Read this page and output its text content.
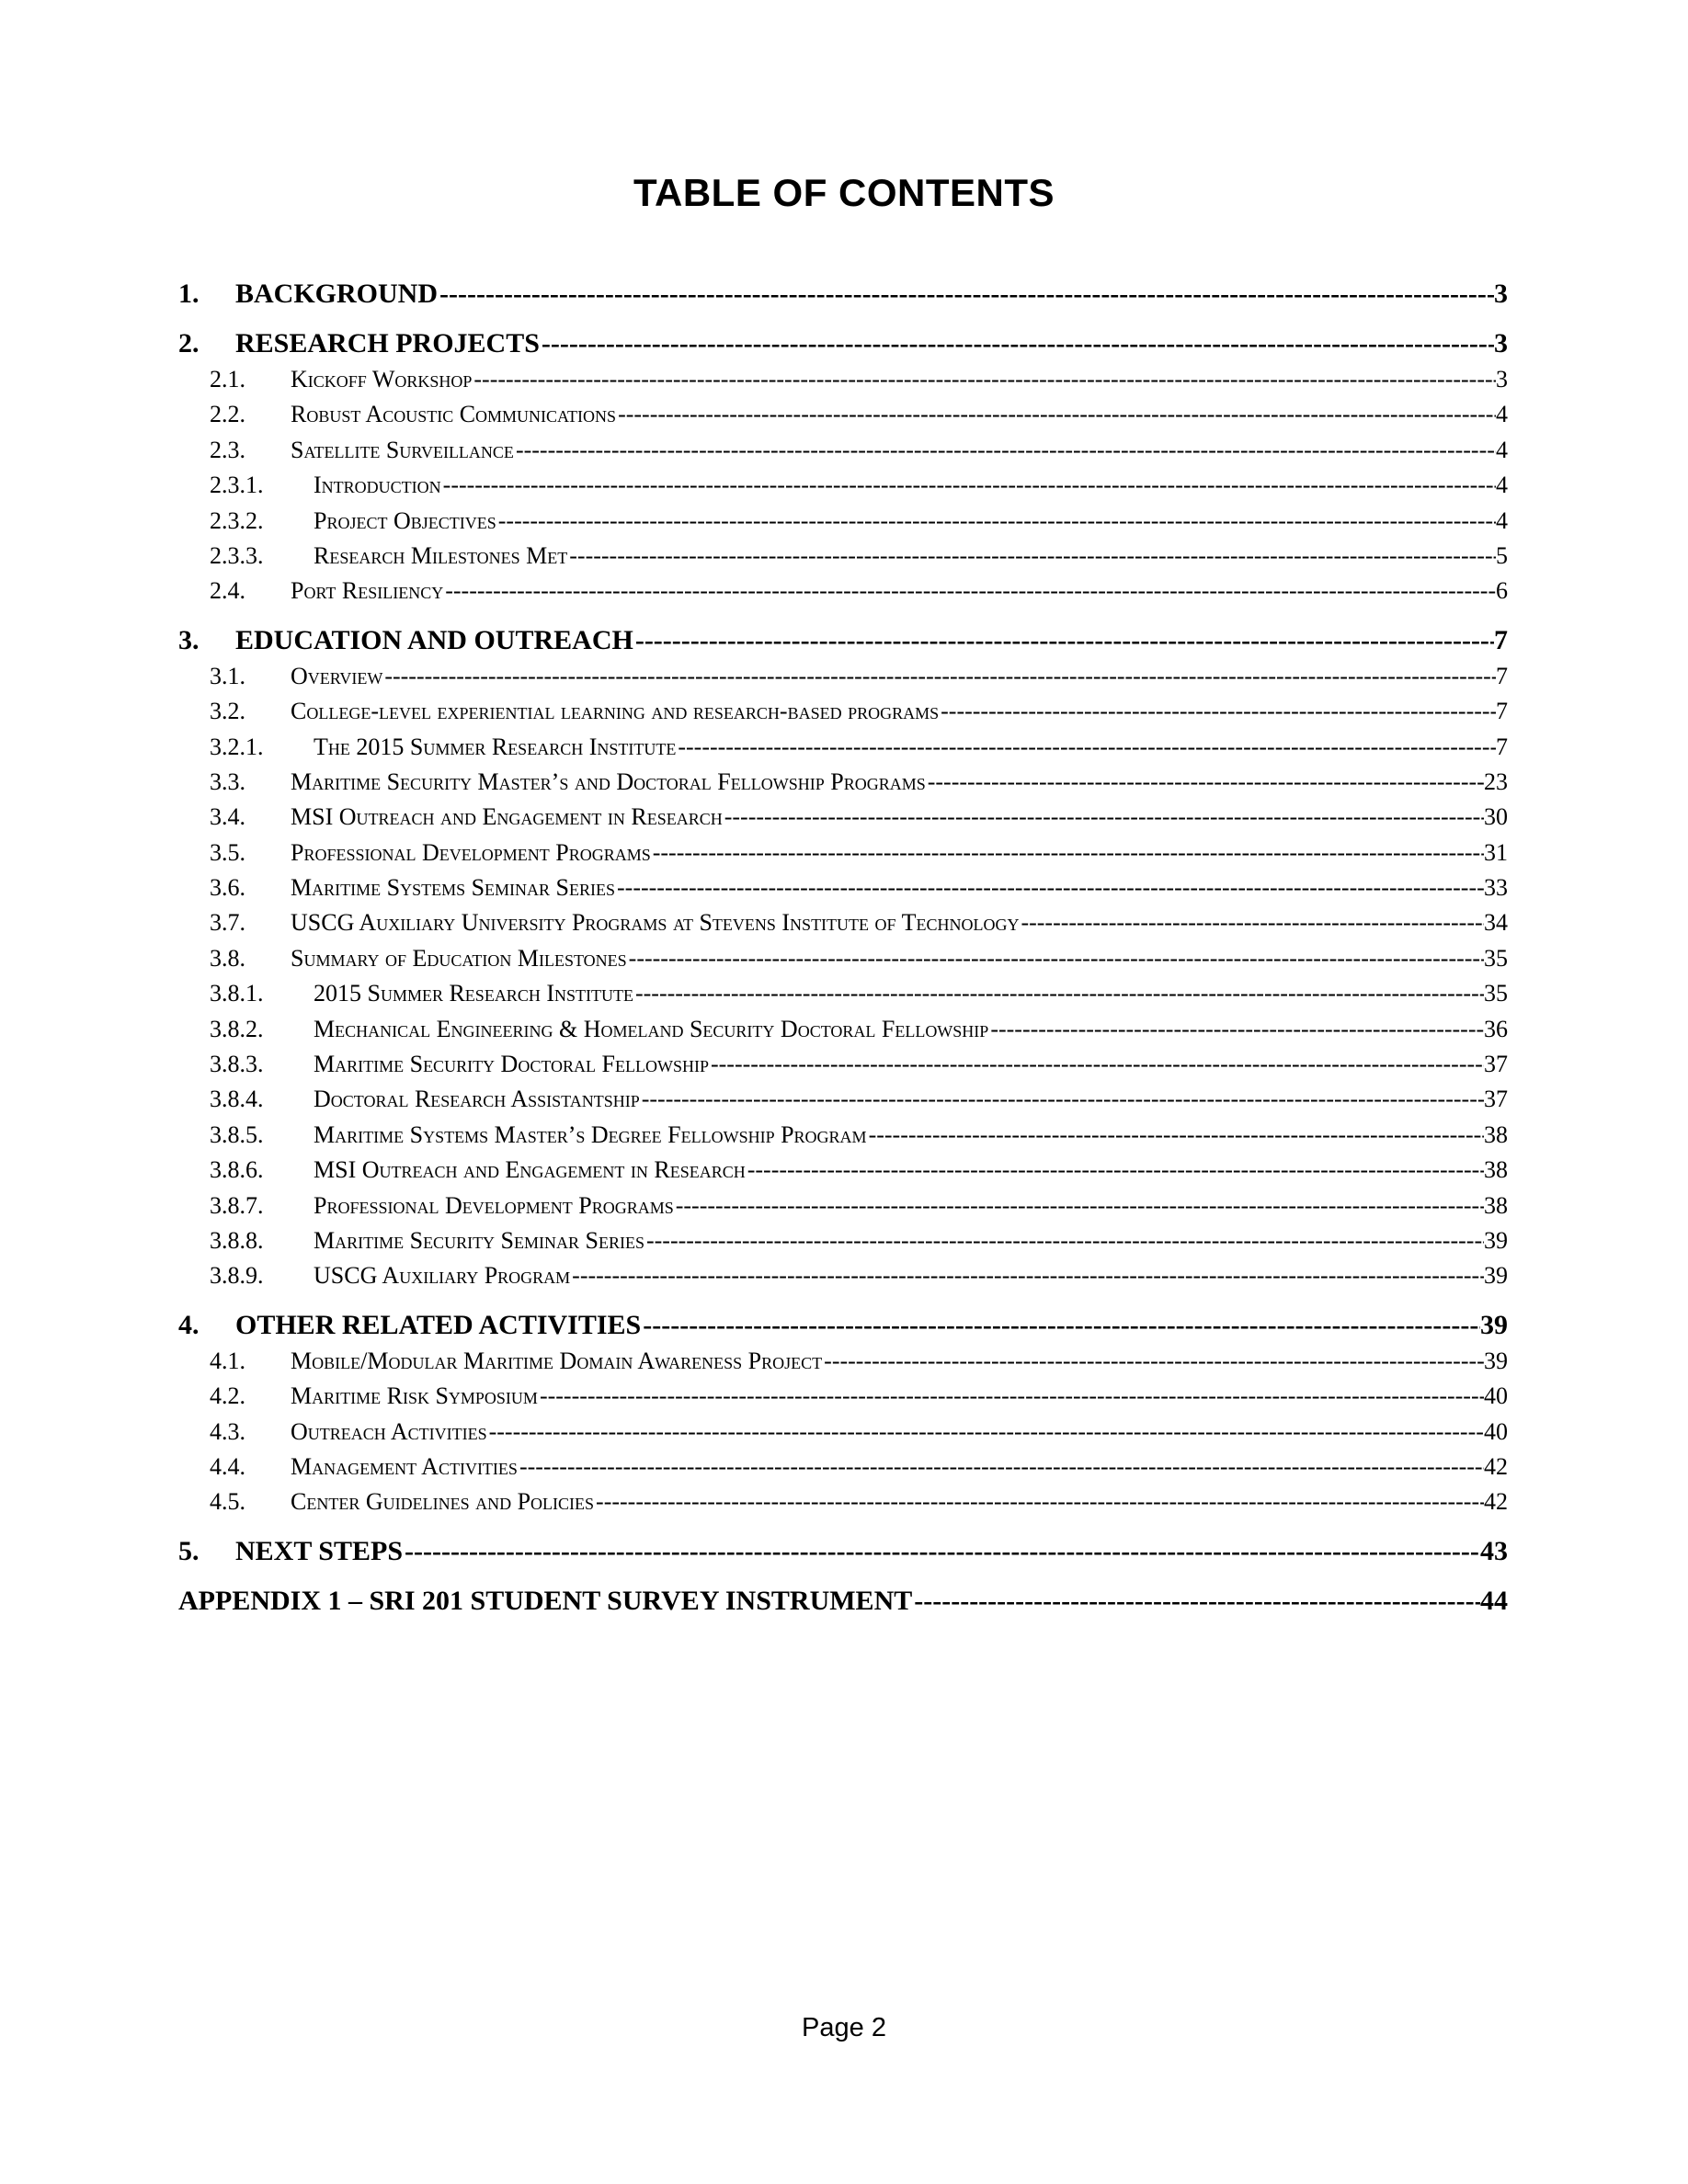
TABLE OF CONTENTS
1.	BACKGROUND -----	3
2.	RESEARCH PROJECTS -----	3
2.1.	Kickoff Workshop -----	3
2.2.	Robust Acoustic Communications -----	4
2.3.	Satellite Surveillance -----	4
2.3.1.	Introduction -----	4
2.3.2.	Project Objectives -----	4
2.3.3.	Research Milestones Met -----	5
2.4.	Port Resiliency -----	6
3.	EDUCATION AND OUTREACH -----	7
3.1.	Overview -----	7
3.2.	College-level experiential learning and research-based programs -----	7
3.2.1.	The 2015 Summer Research Institute -----	7
3.3.	Maritime Security Master’s and Doctoral Fellowship Programs -----	23
3.4.	MSI Outreach and Engagement in Research -----	30
3.5.	Professional Development Programs -----	31
3.6.	Maritime Systems Seminar Series -----	33
3.7.	USCG Auxiliary University Programs at Stevens Institute of Technology -----	34
3.8.	Summary of Education Milestones -----	35
3.8.1.	2015 Summer Research Institute -----	35
3.8.2.	Mechanical Engineering & Homeland Security Doctoral Fellowship -----	36
3.8.3.	Maritime Security Doctoral Fellowship -----	37
3.8.4.	Doctoral Research Assistantship -----	37
3.8.5.	Maritime Systems Master’s Degree Fellowship Program -----	38
3.8.6.	MSI Outreach and Engagement in Research -----	38
3.8.7.	Professional Development Programs -----	38
3.8.8.	Maritime Security Seminar Series -----	39
3.8.9.	USCG Auxiliary Program -----	39
4.	OTHER RELATED ACTIVITIES -----	39
4.1.	Mobile/Modular Maritime Domain Awareness Project -----	39
4.2.	Maritime Risk Symposium -----	40
4.3.	Outreach Activities -----	40
4.4.	Management Activities -----	42
4.5.	Center Guidelines and Policies -----	42
5.	NEXT STEPS -----	43
APPENDIX 1 – SRI 201 STUDENT SURVEY INSTRUMENT -----	44
Page 2
